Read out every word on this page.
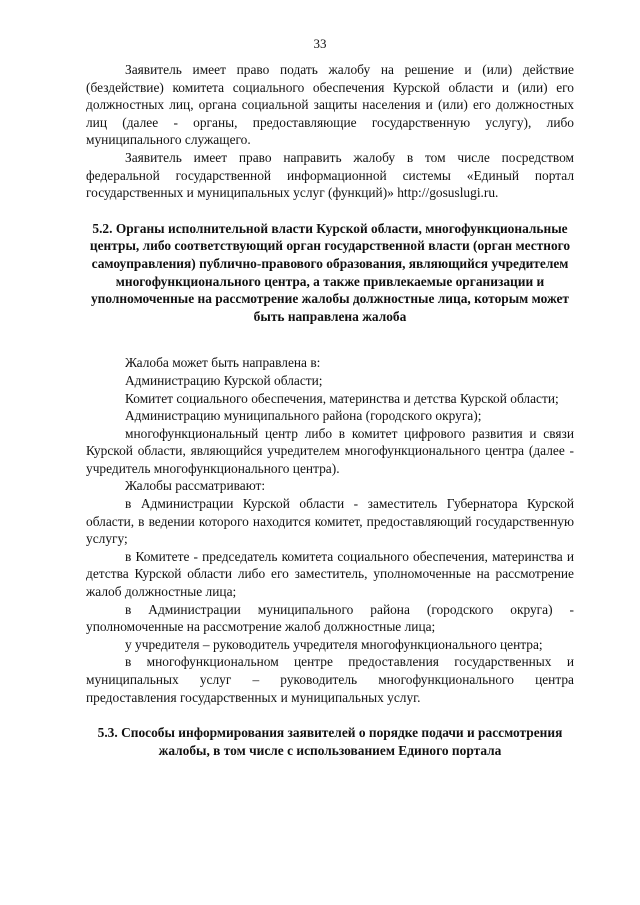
33

Заявитель имеет право подать жалобу на решение и (или) действие (бездействие) комитета социального обеспечения Курской области и (или) его должностных лиц, органа социальной защиты населения и (или) его должностных лиц (далее - органы, предоставляющие государственную услугу), либо муниципального служащего.

Заявитель имеет право направить жалобу в том числе посредством федеральной государственной информационной системы «Единый портал государственных и муниципальных услуг (функций)» http://gosuslugi.ru.

5.2. Органы исполнительной власти Курской области, многофункциональные центры, либо соответствующий орган государственной власти (орган местного самоуправления) публично-правового образования, являющийся учредителем многофункционального центра, а также привлекаемые организации и уполномоченные на рассмотрение жалобы должностные лица, которым может быть направлена жалоба

Жалоба может быть направлена в:

Администрацию Курской области;

Комитет социального обеспечения, материнства и детства Курской области;

Администрацию муниципального района (городского округа);

многофункциональный центр либо в комитет цифрового развития и связи Курской области, являющийся учредителем многофункционального центра (далее - учредитель многофункционального центра).

Жалобы рассматривают:

в Администрации Курской области - заместитель Губернатора Курской области, в ведении которого находится комитет, предоставляющий государственную услугу;

в Комитете - председатель комитета социального обеспечения, материнства и детства Курской области либо его заместитель, уполномоченные на рассмотрение жалоб должностные лица;

в Администрации муниципального района (городского округа) - уполномоченные на рассмотрение жалоб должностные лица;

у учредителя – руководитель учредителя многофункционального центра;

в многофункциональном центре предоставления государственных и муниципальных услуг – руководитель многофункционального центра предоставления государственных и муниципальных услуг.

5.3. Способы информирования заявителей о порядке подачи и рассмотрения жалобы, в том числе с использованием Единого портала
